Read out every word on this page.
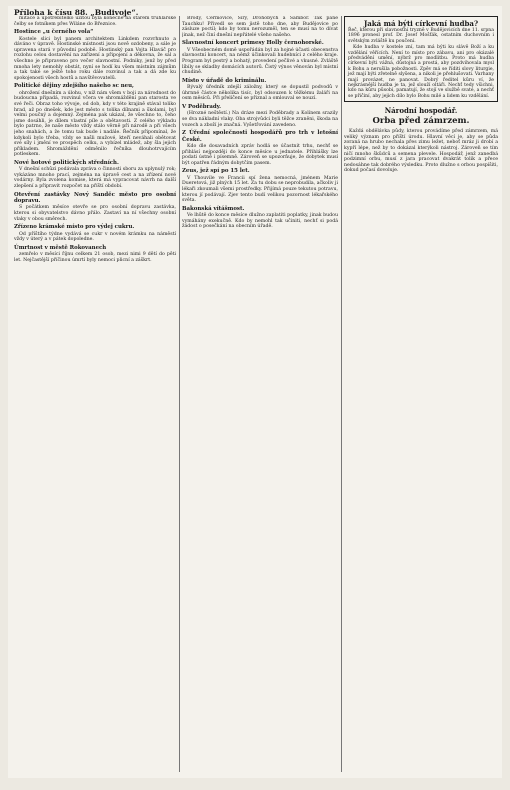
Příloha k čísu 88. „Budivoje“.
mitače a upotřebitelko užitou byla konečně na starém truhlářské čelby se fotníkem přes Wiláne do Březnice.
Hostince „u černého vola“
Kostele slici byl panem architektem Linkdem rozvrhnuto a dáváno v úpravě. Hostinské místnosti jsou nově ozdobeny, a sále je upravena stará v původní podobě. Hostinský pan Vojta Hlaváč pro rozlohu celou dostavění na zařízení a připojení a děkovna, že sál a všechno je připraveno pro večer slavnostní. Podniky, jenž by před mnoha lety nemohly obstát, nyní se hodí ku všem místním zájmům a tak také se ještě toho roku dále rozvinul a tak a dá zde ku spokojenosti všech hostů a navštěvovatelů.
Politické dějiny zdejšího našeho sc neu,
ohrožení dnešním a úlohu, v níž nám všem v boji za národnost do budoucna připadá, rozvinul včera ve shromáždění pan starosta ve své řeči. Obraz toho vývoje, od dob, kdy v této krajině stával toliko hrad, až po dnešek, kde jest město s tolika dílnami a školami, byl velmi poučný a dojemný. Zejména pak ukázal, že všechno to, čeho jsme dosáhli, je dílem vlastní píle a obětavosti. Z celého výkladu bylo patrno, že naše město vždy stálo věrně při národě a při všech jeho snahách, a že tomu tak bude i nadále. Řečník připomínal, že kdykoli bylo třeba, vždy se našli mužové, kteří neváhali obětovat své síly i jmění ve prospěch celku, a vybízel mládež, aby šla jejich příkladem. Shromáždění odměnilo řečníka dlouhotrvajícím potleskem.
Nové hotové politických středních.
V dnešní schůzi podávala zpráva o činnosti sboru za uplynulý rok; vykázáno mnoho prací, zejména na úpravě cest a na zřízení nové vodárny. Byla zvolena komise, která má vypracovat návrh na další zlepšení a připravit rozpočet na příští období.
Otevření zastávky Nový Sanděc město pro osobní dopravu.
S počátkem měsíce otevře se pro osobní dopravu zastávka, kterou si obyvatelstvo dávno přálo. Zastaví na ní všechny osobní vlaky v obou směrech.
Zřízeno krámské místo pro výdej cukru.
Od příštího týdne vydává se cukr v novém krámku na náměstí vždy v úterý a v pátek dopoledne.
Úmrtnost v městě Rokovanech
zemřelo v měsíci říjnu celkem 21 osob, mezi nimi 9 dětí do pěti let. Nejčastější příčinou úmrtí byly nemoci plicní a záškrt.
Brody, Čermovice, Sirý, Drohobych a Sambor. Tak pane Tauchku! Přivedl se sem jistě toho dne, aby Budějovice po zásluze poctil; kdo by tomu nerozuměl, ten se musí na to dívat jinak, než činí dnešní nepřátelé všeho našeho.
Slavnostní koncert primesy Holly černohorské.
V Všeobecném domě uspořádán byl za hojné účasti obecenstva slavnostní koncert, na němž účinkovali hudebníci z celého kraje. Program byl pestrý a bohatý, provedení pečlivé a vkusné. Zvláště líbily se skladby domácích autorů. Čistý výnos věnován byl místní chudině.
Místo v úřadě do kriminálu.
Bývalý úředník zdejší záložny, který se dopustil podvodů v úhrnné částce několika tisíc, byl odsouzen k těžkému žaláři na osm měsíců. Při přelíčení se přiznal a omlouval se nouzí.
V Poděbrady.
(Hrozné neštěstí.) Na dráze mezi Poděbrady a Kolínem srazily se dva nákladní vlaky. Oba strojvůdci byli těžce zraněni, škoda na vozech a zboží je značná. Vyšetřování zavedeno.
Z Úřední společnosti hospodářů pro trh v letošní České.
Kdo dle dosavadních zpráv hodlá se účastnit trhu, nechť se přihlásí nejpozději do konce měsíce u jednatele. Přihlášky lze podati ústně i písemně. Zároveň se upozorňuje, že dobytek musí být opatřen řádným dobytčím pasem.
Zeus, jež spí po 15 let.
V Thouvile ve Francii spí žena nemocná, jménem Marie Dueretová, již plných 15 let. Za tu dobu se neprobudila, ačkoliv ji lékaři zkoumali všemi prostředky. Přijímá pouze tekutou potravu, kterou jí podávají. Zjev tento budí velikou pozornost lékařského světa.
Bakonská vítášmost.
Ve lhůtě do konce měsíce dlužno zaplatiti poplatky, jinak budou vymáhány exekučně. Kdo by nemohl tak učiniti, nechť si podá žádost o posečkání na obecním úřadě.
Jaká má býti církevní hudba?
Řeč, kterou při slavnostní tryzně v Budějovicích dne 11. srpna 1896 pronesl prof. Dr. Josef Mošťák, ostatním duchovním i světským zvláště ku poučení.
Kde hudba v kostele zní, tam má býti ku slávě Boží a ku vzdělání věřících. Není to místo pro zábavu, ani pro okázalé předvádění umění, nýbrž pro modlitbu. Proto má hudba církevní býti vážná, důstojná a prostá, aby pozdvihovala mysl k Bohu a nerušila pobožnosti. Zpěv má se říditi slovy liturgie, jež mají býti zřetelně slyšena, a nikoli je přehlušovati. Varhany mají provázet, ne panovat. Dobrý ředitel kůru ví, že nejkrásnější hudba je ta, jež slouží oltáři. Nechť tedy všichni, kdo na kůru působí, pamatují, že stojí ve službě svaté, a nechť se přičiní, aby jejich dílo bylo Bohu milé a lidem ku vzdělání.
Národní hospodář.
Orba před zámrzem.
Každá obdělávka půdy, kterou provádíme před zámrzem, má veliký význam pro příští úrodu. Hlavní věcí je, aby se půda zoraná na hrubo nechala přes zimu ležet, neboť mráz ji drobí a kypří lépe, než by to dokázal kterýkoli nástroj. Zároveň se tím ničí mnoho škůdců a semena plevele. Hospodář, jenž zanedbá podzimní orbu, musí z jara pracovat dvakrát tolik a přece nedosáhne tak dobrého výsledku. Proto dlužno s orbou pospíšiti, dokud počasí dovoluje.
